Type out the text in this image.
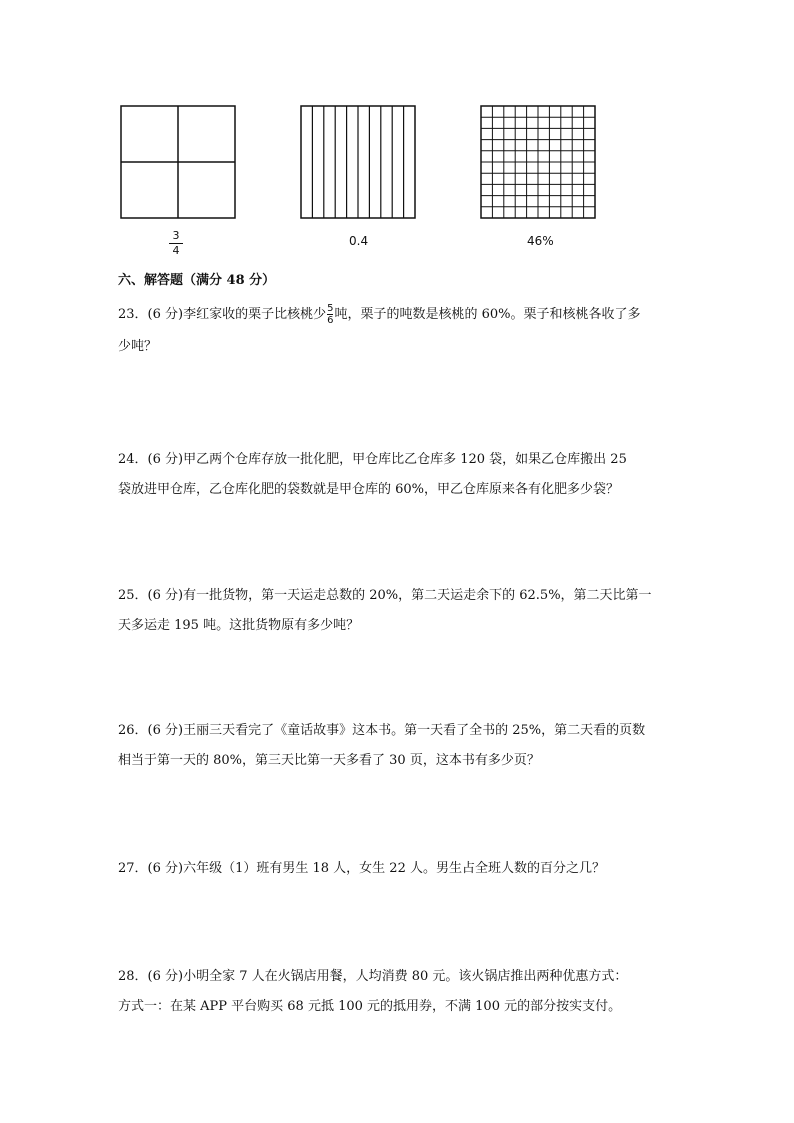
3
4
0.4	46%
六、解答题（满分 48 分）
23．(6 分)李红家收的栗子比核桃少$\frac{5}{6}$吨，栗子的吨数是核桃的 60%。栗子和核桃各收了多
少吨？
24．(6 分)甲乙两个仓库存放一批化肥，甲仓库比乙仓库多 120 袋，如果乙仓库搬出 25
袋放进甲仓库，乙仓库化肥的袋数就是甲仓库的 60%，甲乙仓库原来各有化肥多少袋？
25．(6 分)有一批货物，第一天运走总数的 20%，第二天运走余下的 62.5%，第二天比第一
天多运走 195 吨。这批货物原有多少吨？
26．(6 分)王丽三天看完了《童话故事》这本书。第一天看了全书的 25%，第二天看的页数
相当于第一天的 80%，第三天比第一天多看了 30 页，这本书有多少页？
27．(6 分)六年级（1）班有男生 18 人，女生 22 人。男生占全班人数的百分之几？
28．(6 分)小明全家 7 人在火锅店用餐，人均消费 80 元。该火锅店推出两种优惠方式：
方式一：在某 APP 平台购买 68 元抵 100 元的抵用券，不满 100 元的部分按实支付。
